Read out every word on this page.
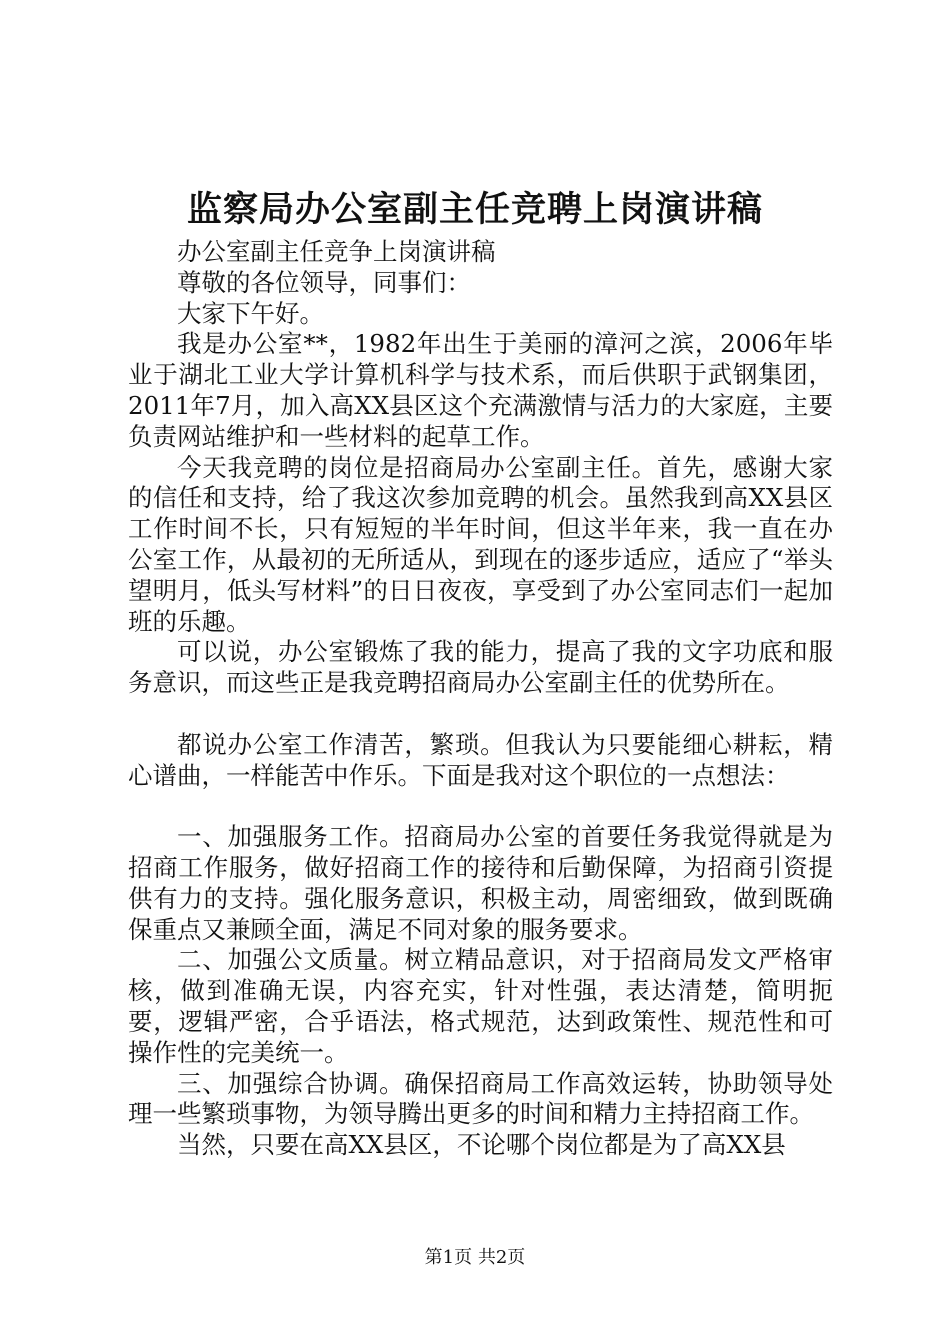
监察局办公室副主任竞聘上岗演讲稿

办公室副主任竞争上岗演讲稿

尊敬的各位领导，同事们：

大家下午好。

我是办公室**，1982年出生于美丽的漳河之滨，2006年毕业于湖北工业大学计算机科学与技术系，而后供职于武钢集团，2011年7月，加入高XX县区这个充满激情与活力的大家庭，主要负责网站维护和一些材料的起草工作。

今天我竞聘的岗位是招商局办公室副主任。首先，感谢大家的信任和支持，给了我这次参加竞聘的机会。虽然我到高XX县区工作时间不长，只有短短的半年时间，但这半年来，我一直在办公室工作，从最初的无所适从，到现在的逐步适应，适应了“举头望明月，低头写材料”的日日夜夜，享受到了办公室同志们一起加班的乐趣。

可以说，办公室锻炼了我的能力，提高了我的文字功底和服务意识，而这些正是我竞聘招商局办公室副主任的优势所在。

都说办公室工作清苦，繁琐。但我认为只要能细心耕耘，精心谱曲，一样能苦中作乐。下面是我对这个职位的一点想法：

一、加强服务工作。招商局办公室的首要任务我觉得就是为招商工作服务，做好招商工作的接待和后勤保障，为招商引资提供有力的支持。强化服务意识，积极主动，周密细致，做到既确保重点又兼顾全面，满足不同对象的服务要求。

二、加强公文质量。树立精品意识，对于招商局发文严格审核，做到准确无误，内容充实，针对性强，表达清楚，简明扼要，逻辑严密，合乎语法，格式规范，达到政策性、规范性和可操作性的完美统一。

三、加强综合协调。确保招商局工作高效运转，协助领导处理一些繁琐事物，为领导腾出更多的时间和精力主持招商工作。

当然，只要在高XX县区，不论哪个岗位都是为了高XX县

第1页 共2页
